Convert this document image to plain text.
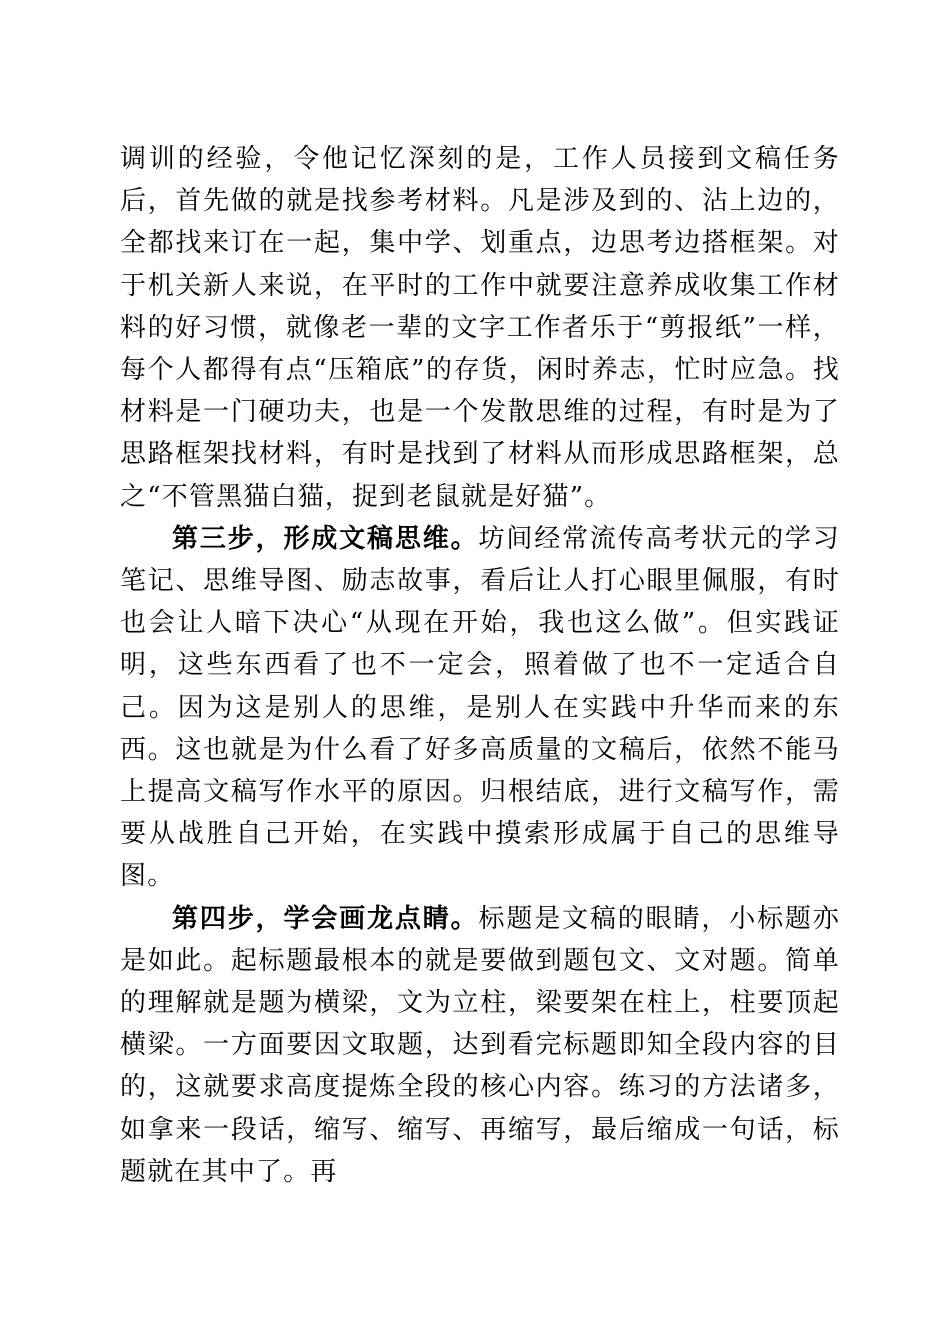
调训的经验，令他记忆深刻的是，工作人员接到文稿任务后，首先做的就是找参考材料。凡是涉及到的、沾上边的，全都找来订在一起，集中学、划重点，边思考边搭框架。对于机关新人来说，在平时的工作中就要注意养成收集工作材料的好习惯，就像老一辈的文字工作者乐于“剪报纸”一样，每个人都得有点“压箱底”的存货，闲时养志，忙时应急。找材料是一门硬功夫，也是一个发散思维的过程，有时是为了思路框架找材料，有时是找到了材料从而形成思路框架，总之“不管黑猫白猫，捉到老鼠就是好猫”。

第三步，形成文稿思维。坊间经常流传高考状元的学习笔记、思维导图、励志故事，看后让人打心眼里佩服，有时也会让人暗下决心“从现在开始，我也这么做”。但实践证明，这些东西看了也不一定会，照着做了也不一定适合自己。因为这是别人的思维，是别人在实践中升华而来的东西。这也就是为什么看了好多高质量的文稿后，依然不能马上提高文稿写作水平的原因。归根结底，进行文稿写作，需要从战胜自己开始，在实践中摸索形成属于自己的思维导图。

第四步，学会画龙点睛。标题是文稿的眼睛，小标题亦是如此。起标题最根本的就是要做到题包文、文对题。简单的理解就是题为横梁，文为立柱，梁要架在柱上，柱要顶起横梁。一方面要因文取题，达到看完标题即知全段内容的目的，这就要求高度提炼全段的核心内容。练习的方法诸多，如拿来一段话，缩写、缩写、再缩写，最后缩成一句话，标题就在其中了。再
